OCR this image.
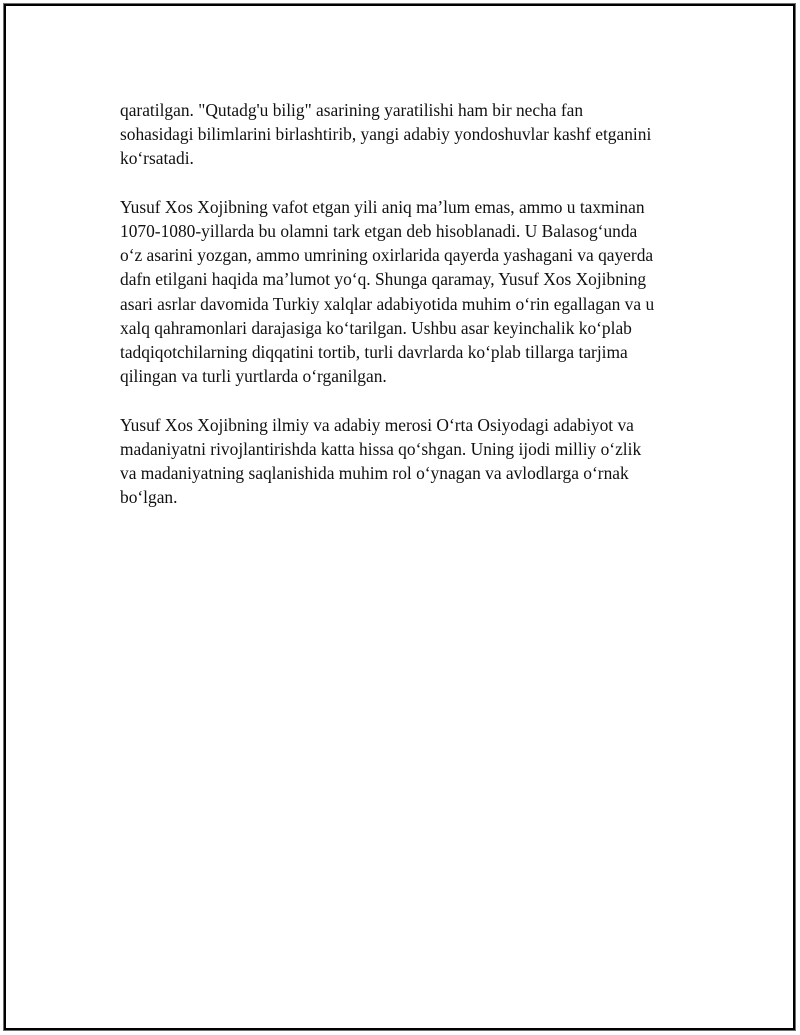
qaratilgan. "Qutadg'u bilig" asarining yaratilishi ham bir necha fan
sohasidagi bilimlarini birlashtirib, yangi adabiy yondoshuvlar kashf etganini
ko‘rsatadi.

Yusuf Xos Xojibning vafot etgan yili aniq ma’lum emas, ammo u taxminan
1070-1080-yillarda bu olamni tark etgan deb hisoblanadi. U Balasog‘unda
o‘z asarini yozgan, ammo umrining oxirlarida qayerda yashagani va qayerda
dafn etilgani haqida ma’lumot yo‘q. Shunga qaramay, Yusuf Xos Xojibning
asari asrlar davomida Turkiy xalqlar adabiyotida muhim o‘rin egallagan va u
xalq qahramonlari darajasiga ko‘tarilgan. Ushbu asar keyinchalik ko‘plab
tadqiqotchilarning diqqatini tortib, turli davrlarda ko‘plab tillarga tarjima
qilingan va turli yurtlarda o‘rganilgan.

Yusuf Xos Xojibning ilmiy va adabiy merosi O‘rta Osiyodagi adabiyot va
madaniyatni rivojlantirishda katta hissa qo‘shgan. Uning ijodi milliy o‘zlik
va madaniyatning saqlanishida muhim rol o‘ynagan va avlodlarga o‘rnak
bo‘lgan.
